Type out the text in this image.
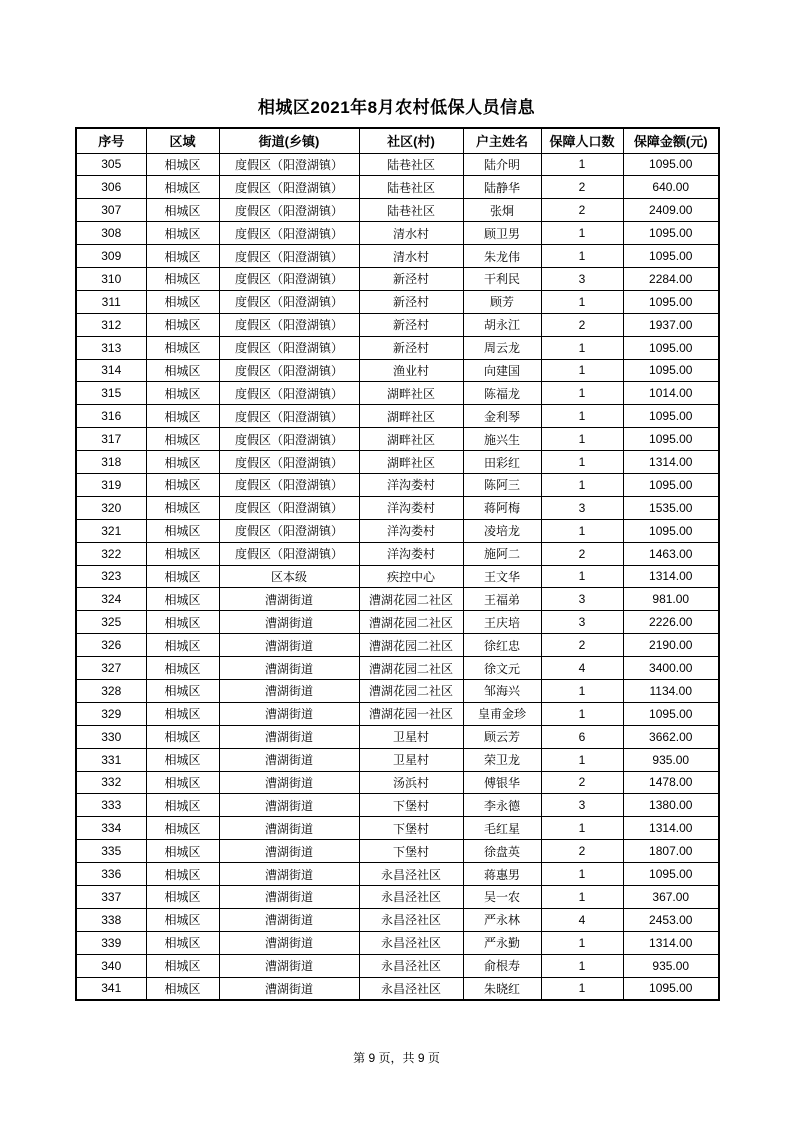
相城区2021年8月农村低保人员信息
序号	区域	街道(乡镇)	社区(村)	户主姓名	保障人口数	保障金额(元)
305	相城区	度假区（阳澄湖镇）	陆巷社区	陆介明	1	1095.00
306	相城区	度假区（阳澄湖镇）	陆巷社区	陆静华	2	640.00
307	相城区	度假区（阳澄湖镇）	陆巷社区	张炯	2	2409.00
308	相城区	度假区（阳澄湖镇）	清水村	顾卫男	1	1095.00
309	相城区	度假区（阳澄湖镇）	清水村	朱龙伟	1	1095.00
310	相城区	度假区（阳澄湖镇）	新泾村	干利民	3	2284.00
311	相城区	度假区（阳澄湖镇）	新泾村	顾芳	1	1095.00
312	相城区	度假区（阳澄湖镇）	新泾村	胡永江	2	1937.00
313	相城区	度假区（阳澄湖镇）	新泾村	周云龙	1	1095.00
314	相城区	度假区（阳澄湖镇）	渔业村	向建国	1	1095.00
315	相城区	度假区（阳澄湖镇）	湖畔社区	陈福龙	1	1014.00
316	相城区	度假区（阳澄湖镇）	湖畔社区	金利琴	1	1095.00
317	相城区	度假区（阳澄湖镇）	湖畔社区	施兴生	1	1095.00
318	相城区	度假区（阳澄湖镇）	湖畔社区	田彩红	1	1314.00
319	相城区	度假区（阳澄湖镇）	洋沟娄村	陈阿三	1	1095.00
320	相城区	度假区（阳澄湖镇）	洋沟娄村	蒋阿梅	3	1535.00
321	相城区	度假区（阳澄湖镇）	洋沟娄村	凌培龙	1	1095.00
322	相城区	度假区（阳澄湖镇）	洋沟娄村	施阿二	2	1463.00
323	相城区	区本级	疾控中心	王文华	1	1314.00
324	相城区	漕湖街道	漕湖花园二社区	王福弟	3	981.00
325	相城区	漕湖街道	漕湖花园二社区	王庆培	3	2226.00
326	相城区	漕湖街道	漕湖花园二社区	徐红忠	2	2190.00
327	相城区	漕湖街道	漕湖花园二社区	徐文元	4	3400.00
328	相城区	漕湖街道	漕湖花园二社区	邹海兴	1	1134.00
329	相城区	漕湖街道	漕湖花园一社区	皇甫金珍	1	1095.00
330	相城区	漕湖街道	卫星村	顾云芳	6	3662.00
331	相城区	漕湖街道	卫星村	荣卫龙	1	935.00
332	相城区	漕湖街道	汤浜村	傅银华	2	1478.00
333	相城区	漕湖街道	下堡村	李永德	3	1380.00
334	相城区	漕湖街道	下堡村	毛红星	1	1314.00
335	相城区	漕湖街道	下堡村	徐盘英	2	1807.00
336	相城区	漕湖街道	永昌泾社区	蒋惠男	1	1095.00
337	相城区	漕湖街道	永昌泾社区	吴一农	1	367.00
338	相城区	漕湖街道	永昌泾社区	严永林	4	2453.00
339	相城区	漕湖街道	永昌泾社区	严永勤	1	1314.00
340	相城区	漕湖街道	永昌泾社区	俞根寿	1	935.00
341	相城区	漕湖街道	永昌泾社区	朱晓红	1	1095.00
第 9 页，共 9 页
